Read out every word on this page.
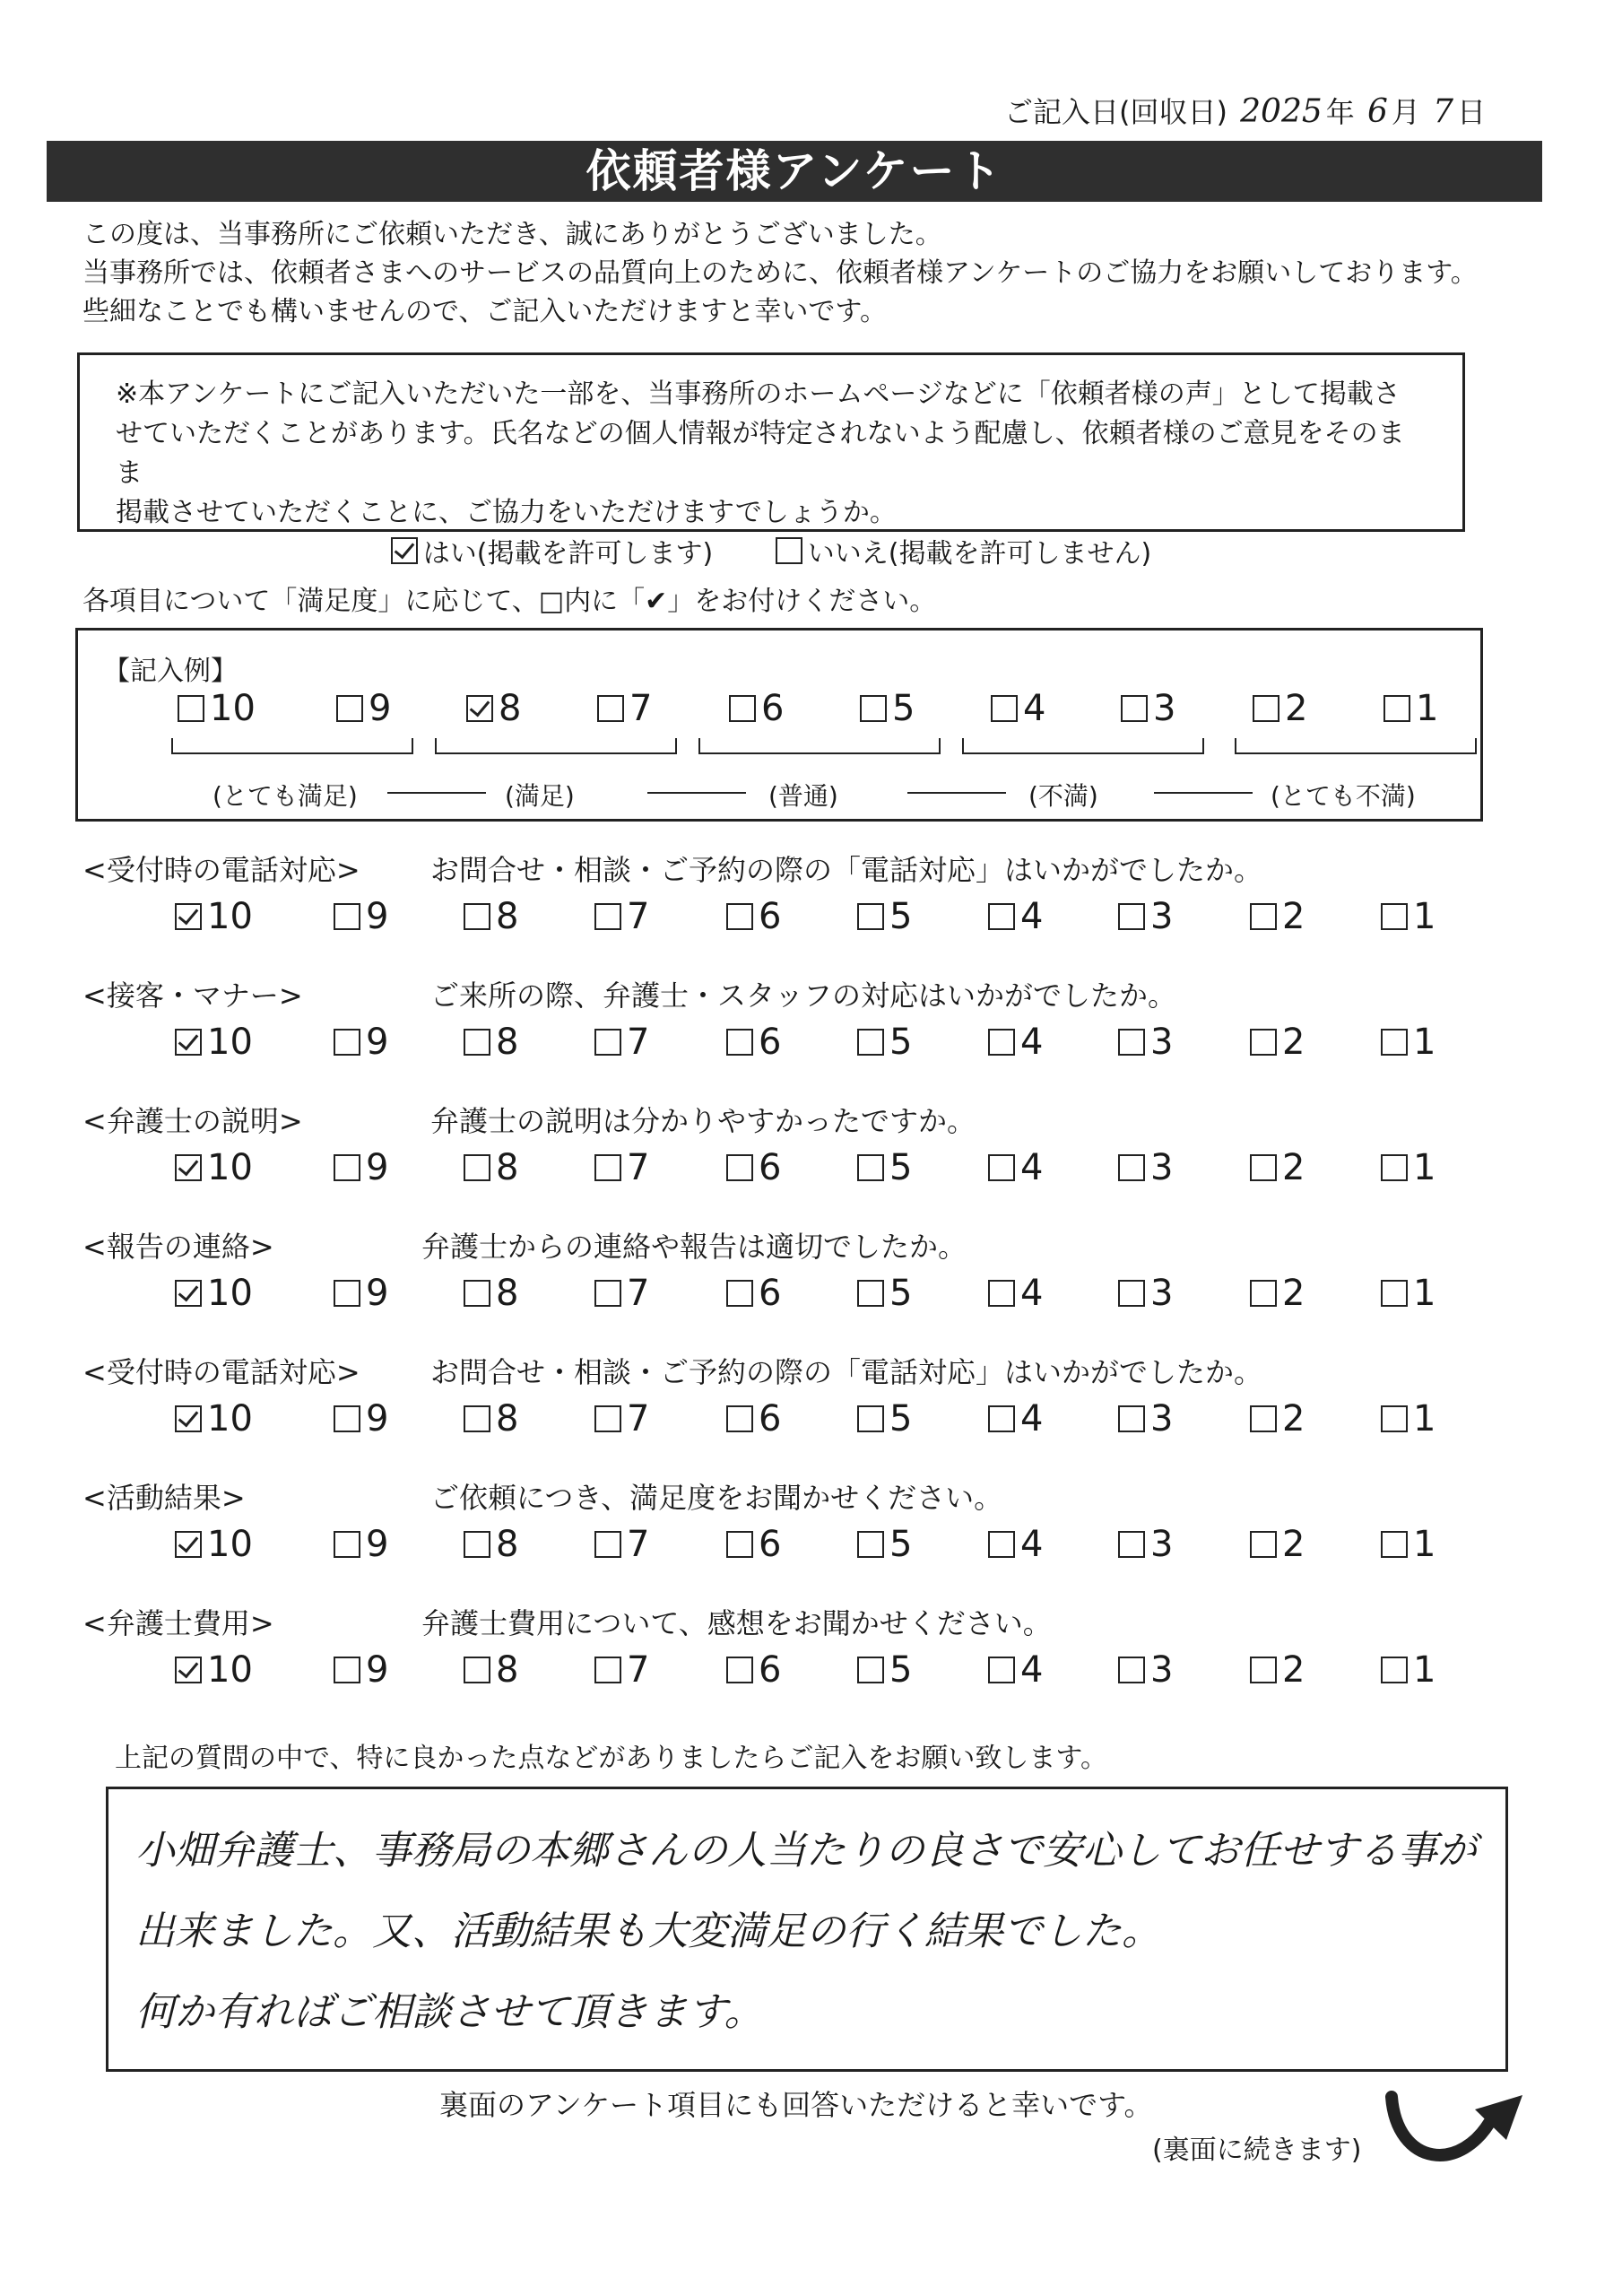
ご記入日(回収日) 2025 年 6 月 7 日
依頼者様アンケート
この度は、当事務所にご依頼いただき、誠にありがとうございました。
当事務所では、依頼者さまへのサービスの品質向上のために、依頼者様アンケートのご協力をお願いしております。
些細なことでも構いませんので、ご記入いただけますと幸いです。
※本アンケートにご記入いただいた一部を、当事務所のホームページなどに「依頼者様の声」として掲載さ
せていただくことがあります。氏名などの個人情報が特定されないよう配慮し、依頼者様のご意見をそのまま
掲載させていただくことに、ご協力をいただけますでしょうか。
はい(掲載を許可します)	いいえ(掲載を許可しません)
各項目について「満足度」に応じて、□内に「✔」をお付けください。
【記入例】
10	9	8	7	6	5	4	3	2	1
(とても満足)	(満足)	(普通)	(不満)	(とても不満)
<受付時の電話対応> お問合せ・相談・ご予約の際の「電話対応」はいかがでしたか。
10	9	8	7	6	5	4	3	2	1
<接客・マナー>	ご来所の際、弁護士・スタッフの対応はいかがでしたか。
10	9	8	7	6	5	4	3	2	1
<弁護士の説明>	弁護士の説明は分かりやすかったですか。
10	9	8	7	6	5	4	3	2	1
<報告の連絡>	弁護士からの連絡や報告は適切でしたか。
10	9	8	7	6	5	4	3	2	1
<受付時の電話対応> お問合せ・相談・ご予約の際の「電話対応」はいかがでしたか。
10	9	8	7	6	5	4	3	2	1
<活動結果>	ご依頼につき、満足度をお聞かせください。
10	9	8	7	6	5	4	3	2	1
<弁護士費用>	弁護士費用について、感想をお聞かせください。
10	9	8	7	6	5	4	3	2	1
上記の質問の中で、特に良かった点などがありましたらご記入をお願い致します。
小畑弁護士、事務局の本郷さんの人当たりの良さで安心してお任せする事が
出来ました。又、活動結果も大変満足の行く結果でした。
何か有ればご相談させて頂きます。
裏面のアンケート項目にも回答いただけると幸いです。
(裏面に続きます)
